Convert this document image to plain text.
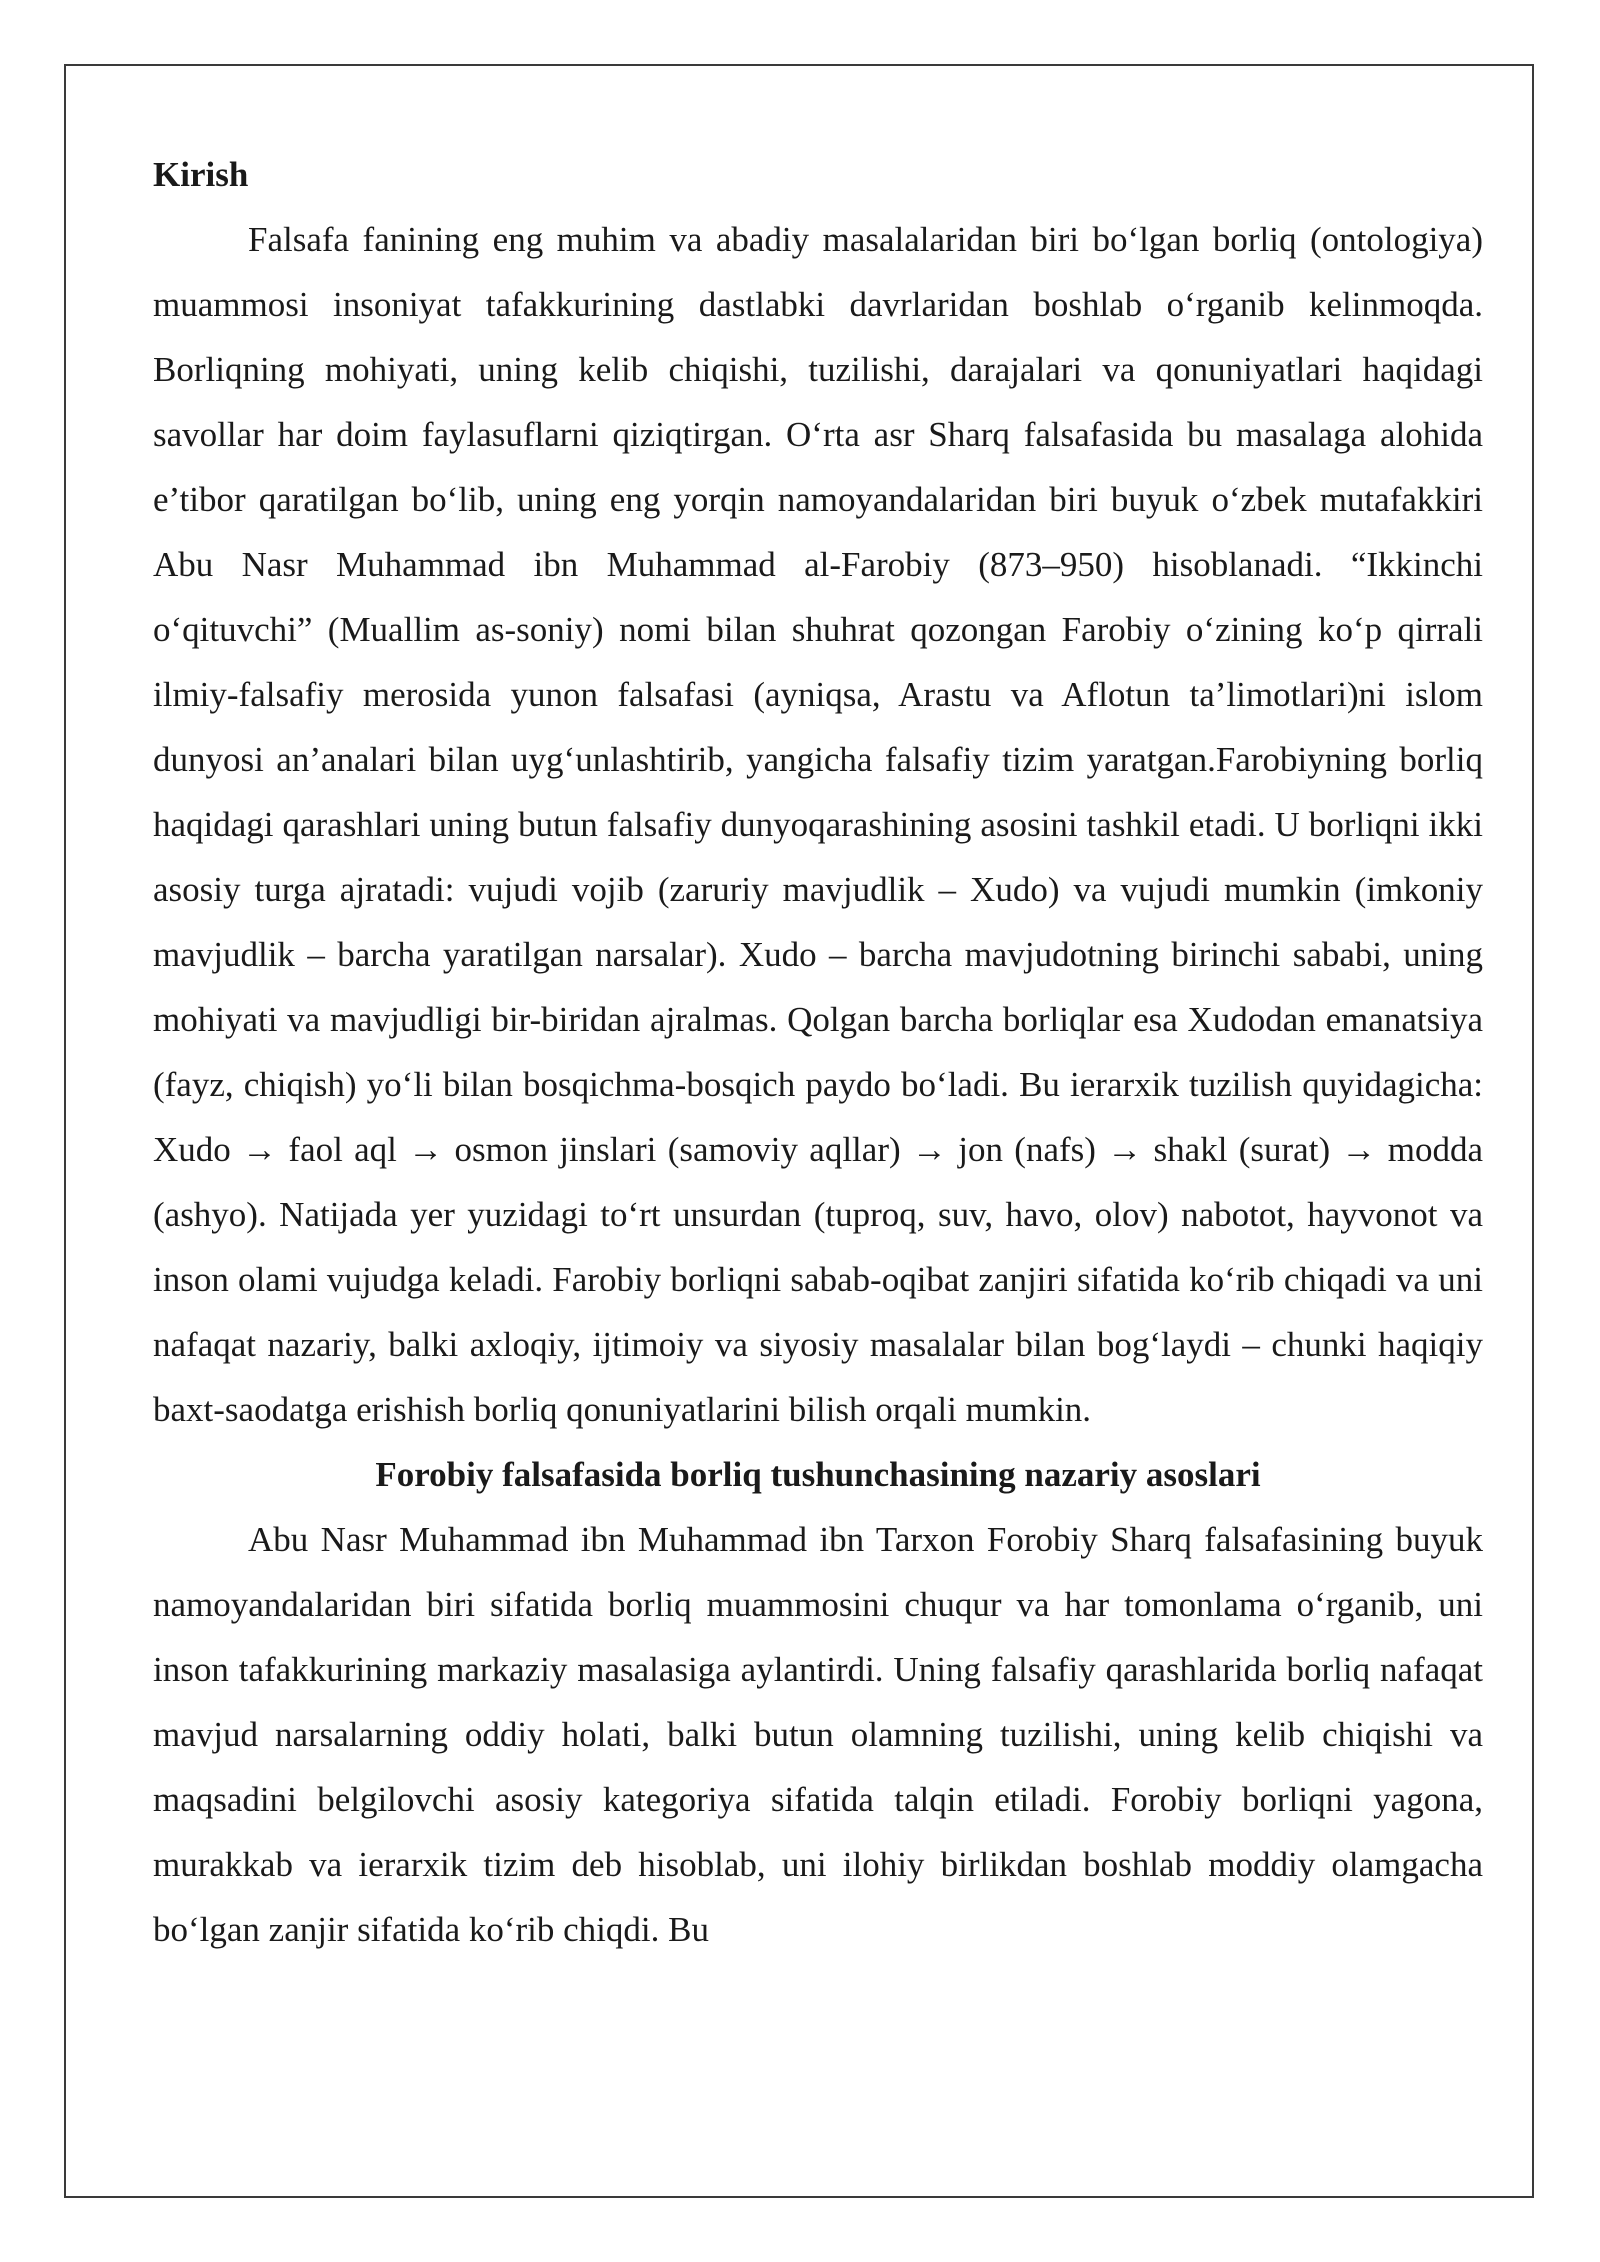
Kirish

Falsafa fanining eng muhim va abadiy masalalaridan biri bo‘lgan borliq (ontologiya) muammosi insoniyat tafakkurining dastlabki davrlaridan boshlab o‘rganib kelinmoqda. Borliqning mohiyati, uning kelib chiqishi, tuzilishi, darajalari va qonuniyatlari haqidagi savollar har doim faylasuflarni qiziqtirgan. O‘rta asr Sharq falsafasida bu masalaga alohida e’tibor qaratilgan bo‘lib, uning eng yorqin namoyandalaridan biri buyuk o‘zbek mutafakkiri Abu Nasr Muhammad ibn Muhammad al-Farobiy (873–950) hisoblanadi. “Ikkinchi o‘qituvchi” (Muallim as-soniy) nomi bilan shuhrat qozongan Farobiy o‘zining ko‘p qirrali ilmiy-falsafiy merosida yunon falsafasi (ayniqsa, Arastu va Aflotun ta’limotlari)ni islom dunyosi an’analari bilan uyg‘unlashtirib, yangicha falsafiy tizim yaratgan.Farobiyning borliq haqidagi qarashlari uning butun falsafiy dunyoqarashining asosini tashkil etadi. U borliqni ikki asosiy turga ajratadi: vujudi vojib (zaruriy mavjudlik – Xudo) va vujudi mumkin (imkoniy mavjudlik – barcha yaratilgan narsalar). Xudo – barcha mavjudotning birinchi sababi, uning mohiyati va mavjudligi bir-biridan ajralmas. Qolgan barcha borliqlar esa Xudodan emanatsiya (fayz, chiqish) yo‘li bilan bosqichma-bosqich paydo bo‘ladi. Bu ierarxik tuzilish quyidagicha: Xudo → faol aql → osmon jinslari (samoviy aqllar) → jon (nafs) → shakl (surat) → modda (ashyo). Natijada yer yuzidagi to‘rt unsurdan (tuproq, suv, havo, olov) nabotot, hayvonot va inson olami vujudga keladi. Farobiy borliqni sabab-oqibat zanjiri sifatida ko‘rib chiqadi va uni nafaqat nazariy, balki axloqiy, ijtimoiy va siyosiy masalalar bilan bog‘laydi – chunki haqiqiy baxt-saodatga erishish borliq qonuniyatlarini bilish orqali mumkin.

Forobiy falsafasida borliq tushunchasining nazariy asoslari

Abu Nasr Muhammad ibn Muhammad ibn Tarxon Forobiy Sharq falsafasining buyuk namoyandalaridan biri sifatida borliq muammosini chuqur va har tomonlama o‘rganib, uni inson tafakkurining markaziy masalasiga aylantirdi. Uning falsafiy qarashlarida borliq nafaqat mavjud narsalarning oddiy holati, balki butun olamning tuzilishi, uning kelib chiqishi va maqsadini belgilovchi asosiy kategoriya sifatida talqin etiladi. Forobiy borliqni yagona, murakkab va ierarxik tizim deb hisoblab, uni ilohiy birlikdan boshlab moddiy olamgacha bo‘lgan zanjir sifatida ko‘rib chiqdi. Bu
